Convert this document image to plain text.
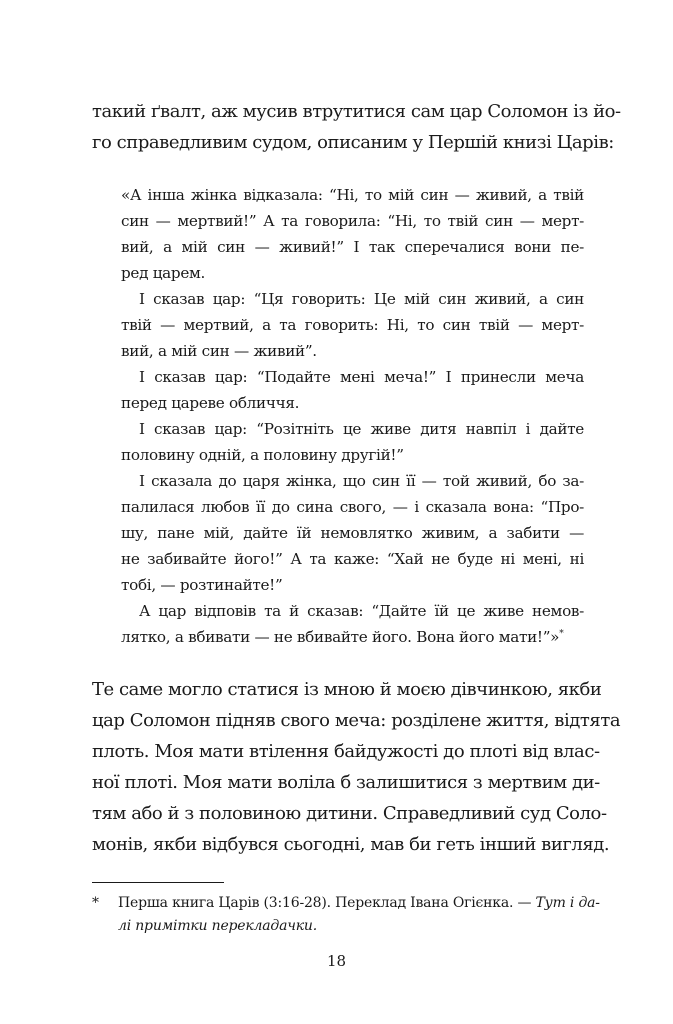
такий ґвалт, аж мусив втрутитися сам цар Соломон із йо-
го справедливим судом, описаним у Першій книзі Царів:
«А інша жінка відказала: “Ні, то мій син — живий, а твій
син — мертвий!” А та говорила: “Ні, то твій син — мерт-
вий, а мій син — живий!” І так сперечалися вони пе-
ред царем.
І сказав цар: “Ця говорить: Це мій син живий, а син
твій — мертвий, а та говорить: Ні, то син твій — мерт-
вий, а мій син — живий”.
І сказав цар: “Подайте мені меча!” І принесли меча
перед цареве обличчя.
І сказав цар: “Розітніть це живе дитя навпіл і дайте
половину одній, а половину другій!”
І сказала до царя жінка, що син її — той живий, бо за-
палилася любов її до сина свого, — і сказала вона: “Про-
шу, пане мій, дайте їй немовлятко живим, а забити —
не забивайте його!” А та каже: “Хай не буде ні мені, ні
тобі, — розтинайте!”
А цар відповів та й сказав: “Дайте їй це живе немов-
лятко, а вбивати — не вбивайте його. Вона його мати!”»*
Те саме могло статися із мною й моєю дівчинкою, якби
цар Соломон підняв свого меча: розділене життя, відтята
плоть. Моя мати втілення байдужості до плоті від влас-
ної плоті. Моя мати воліла б залишитися з мертвим ди-
тям або й з половиною дитини. Справедливий суд Соло-
монів, якби відбувся сьогодні, мав би геть інший вигляд.
* Перша книга Царів (3:16-28). Переклад Івана Огієнка. — Тут і да-
лі примітки перекладачки.
18
